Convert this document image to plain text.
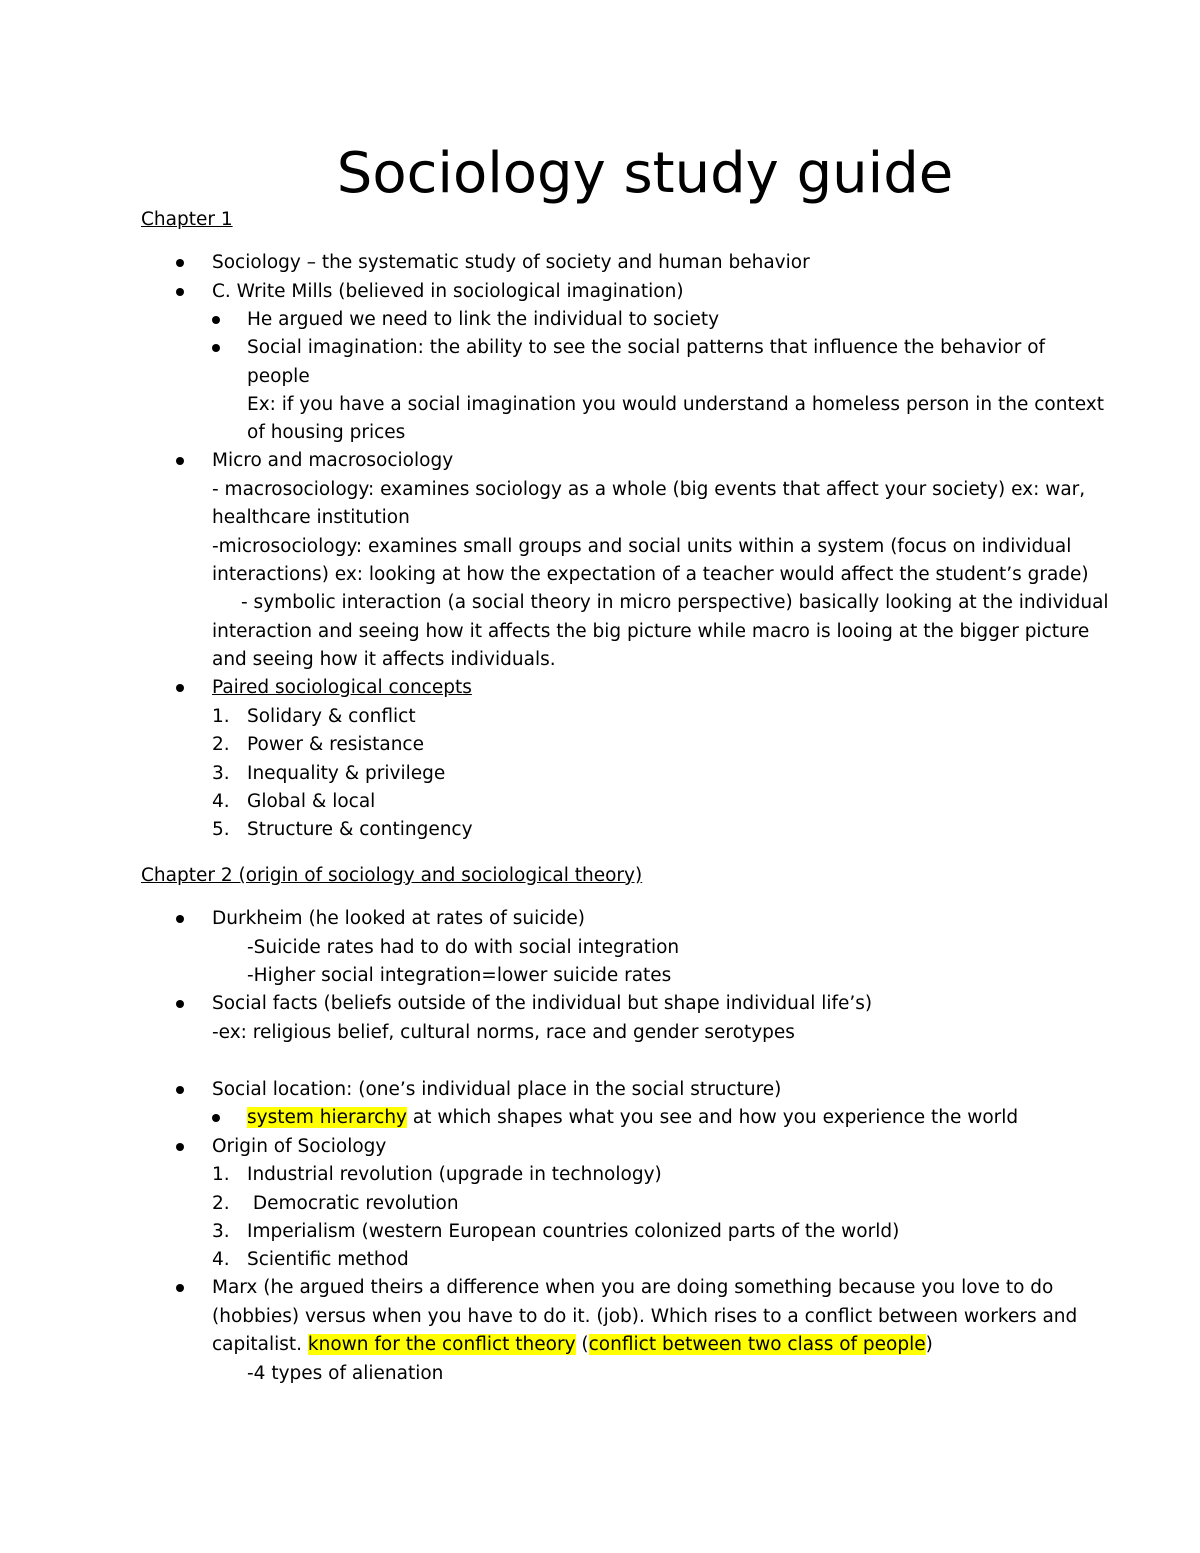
Sociology study guide
Chapter 1
Sociology – the systematic study of society and human behavior
C. Write Mills (believed in sociological imagination)
He argued we need to link the individual to society
Social imagination: the ability to see the social patterns that influence the behavior of
people
Ex: if you have a social imagination you would understand a homeless person in the context
of housing prices
Micro and macrosociology
- macrosociology: examines sociology as a whole (big events that affect your society) ex: war,
healthcare institution
-microsociology: examines small groups and social units within a system (focus on individual
interactions) ex: looking at how the expectation of a teacher would affect the student’s grade)
- symbolic interaction (a social theory in micro perspective) basically looking at the individual
interaction and seeing how it affects the big picture while macro is looing at the bigger picture
and seeing how it affects individuals.
Paired sociological concepts
1. Solidary & conflict
2. Power & resistance
3. Inequality & privilege
4. Global & local
5. Structure & contingency
Chapter 2 (origin of sociology and sociological theory)
Durkheim (he looked at rates of suicide)
-Suicide rates had to do with social integration
-Higher social integration=lower suicide rates
Social facts (beliefs outside of the individual but shape individual life’s)
-ex: religious belief, cultural norms, race and gender serotypes
Social location: (one’s individual place in the social structure)
system hierarchy at which shapes what you see and how you experience the world
Origin of Sociology
1. Industrial revolution (upgrade in technology)
2. Democratic revolution
3. Imperialism (western European countries colonized parts of the world)
4. Scientific method
Marx (he argued theirs a difference when you are doing something because you love to do
(hobbies) versus when you have to do it. (job). Which rises to a conflict between workers and
capitalist. known for the conflict theory (conflict between two class of people)
-4 types of alienation
